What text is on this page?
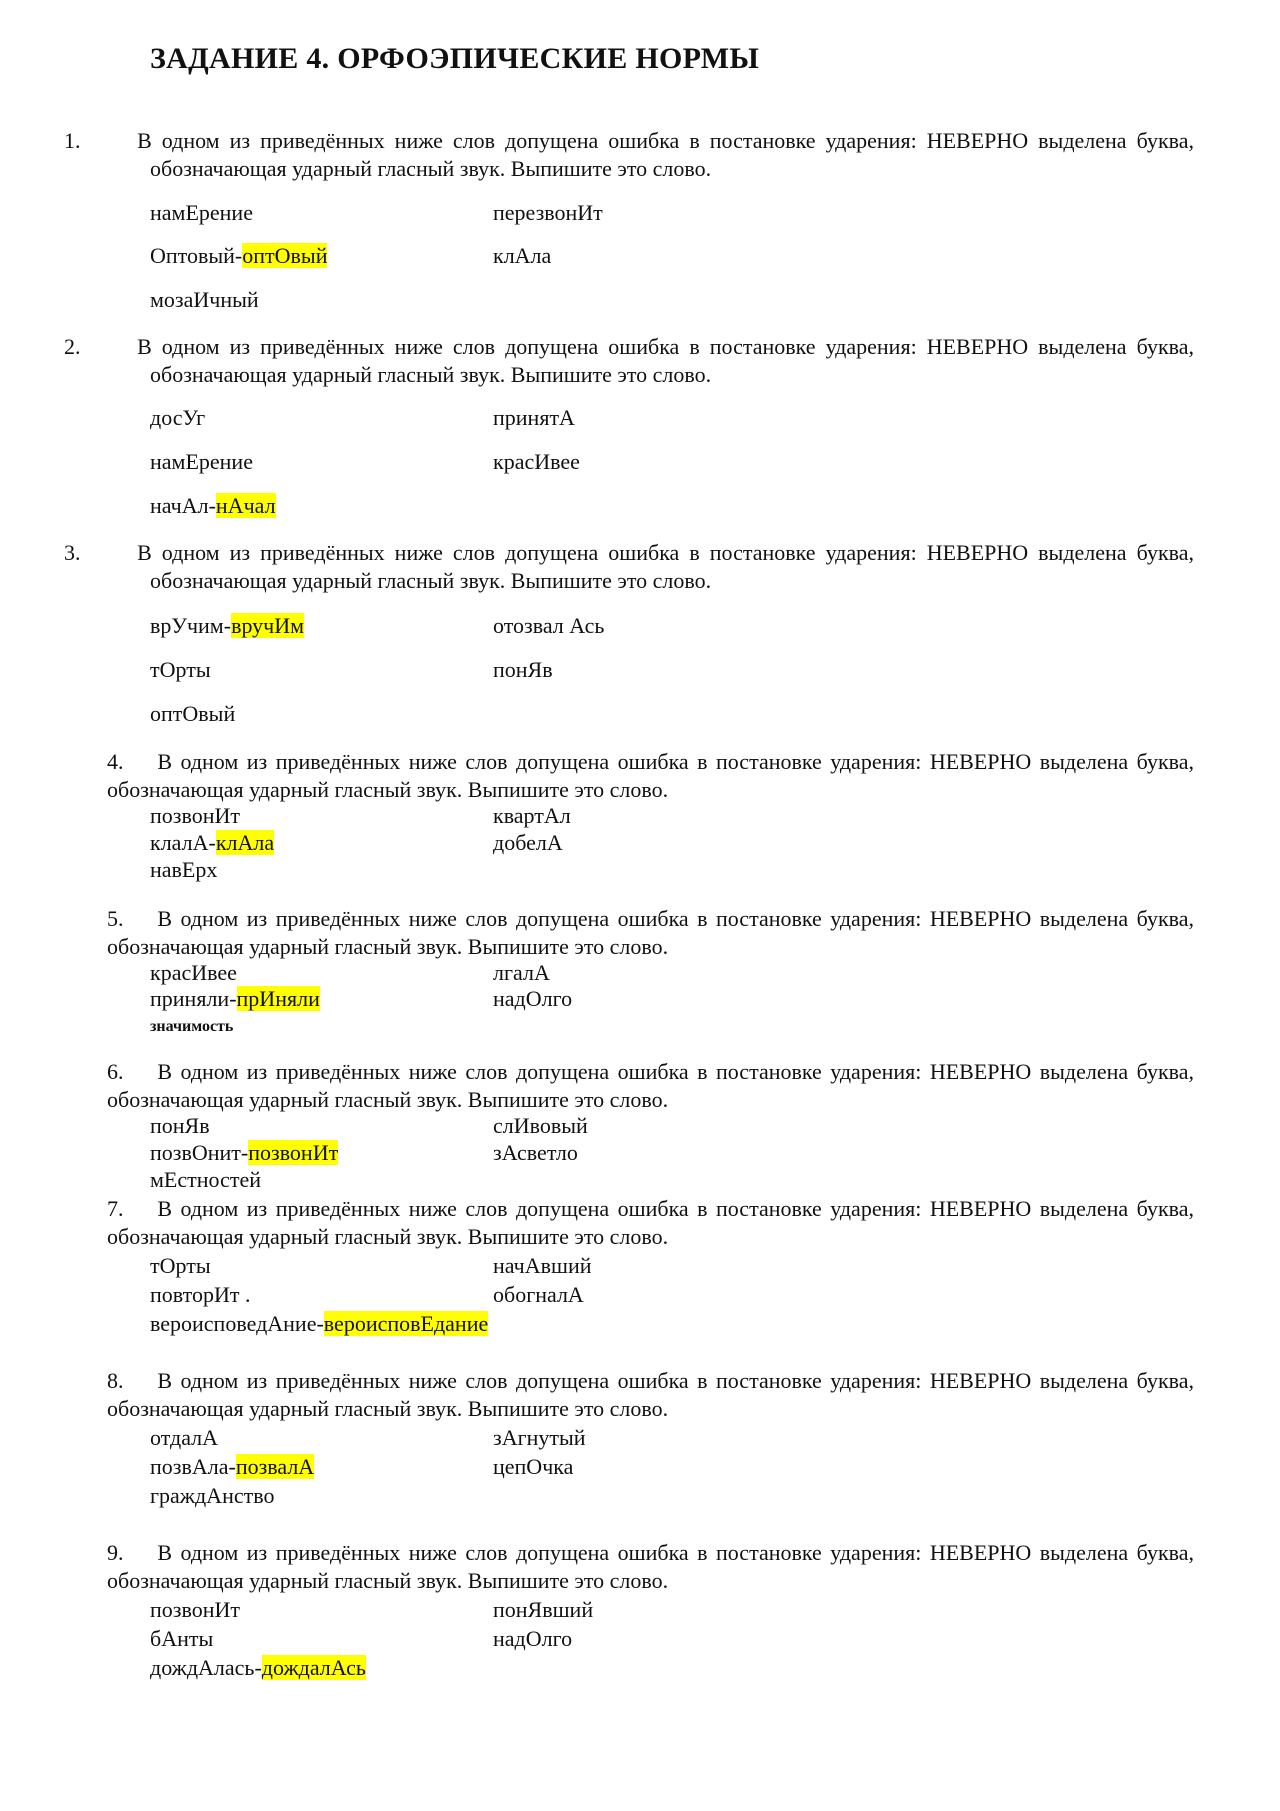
ЗАДАНИЕ 4. ОРФОЭПИЧЕСКИЕ НОРМЫ
1.	В одном из приведённых ниже слов допущена ошибка в постановке ударения: НЕВЕРНО выделена буква, обозначающая ударный гласный звук. Выпишите это слово.
намЕрение	перезвонИт
Оптовый-оптОвый	клАла
мозаИчный
2.	В одном из приведённых ниже слов допущена ошибка в постановке ударения: НЕВЕРНО выделена буква, обозначающая ударный гласный звук. Выпишите это слово.
досУг	принятА
намЕрение	красИвее
начАл-нАчал
3.	В одном из приведённых ниже слов допущена ошибка в постановке ударения: НЕВЕРНО выделена буква, обозначающая ударный гласный звук. Выпишите это слово.
врУчим-вручИм	отозвал Ась
тОрты	понЯв
оптОвый
4. В одном из приведённых ниже слов допущена ошибка в постановке ударения: НЕВЕРНО выделена буква, обозначающая ударный гласный звук. Выпишите это слово.
позвонИт	квартАл
клалА-клАла	добелА
навЕрх
5. В одном из приведённых ниже слов допущена ошибка в постановке ударения: НЕВЕРНО выделена буква, обозначающая ударный гласный звук. Выпишите это слово.
красИвее	лгалА
приняли-прИняли	надОлго
значимость
6. В одном из приведённых ниже слов допущена ошибка в постановке ударения: НЕВЕРНО выделена буква, обозначающая ударный гласный звук. Выпишите это слово.
понЯв	слИвовый
позвОнит-позвонИт	зАсветло
мЕстностей
7. В одном из приведённых ниже слов допущена ошибка в постановке ударения: НЕВЕРНО выделена буква, обозначающая ударный гласный звук. Выпишите это слово.
тОрты	начАвший
повторИт .	обогналА
вероисповедАние-вероисповЕдание
8. В одном из приведённых ниже слов допущена ошибка в постановке ударения: НЕВЕРНО выделена буква, обозначающая ударный гласный звук. Выпишите это слово.
отдалА	зАгнутый
позвАла-позвалА	цепОчка
граждАнство
9. В одном из приведённых ниже слов допущена ошибка в постановке ударения: НЕВЕРНО выделена буква, обозначающая ударный гласный звук. Выпишите это слово.
позвонИт	понЯвший
бАнты	надОлго
дождАлась-дождалАсь
